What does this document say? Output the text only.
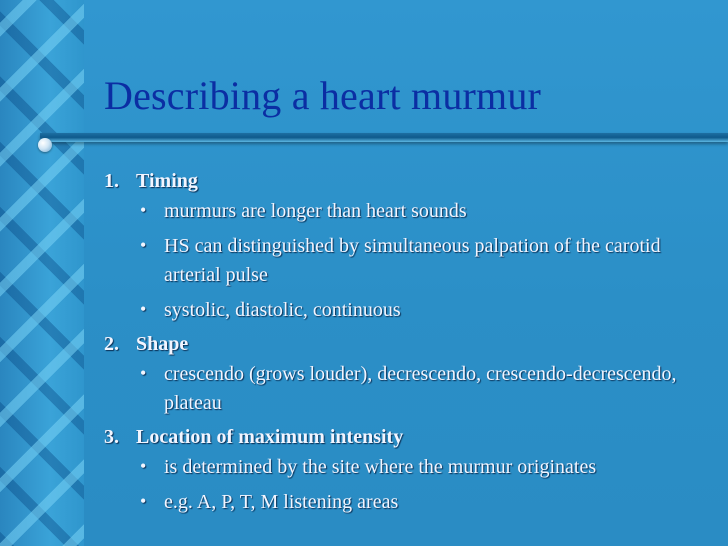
Describing a heart murmur
1. Timing
• murmurs are longer than heart sounds
• HS can distinguished by simultaneous palpation of the carotid arterial pulse
• systolic, diastolic, continuous
2. Shape
• crescendo (grows louder), decrescendo, crescendo-decrescendo, plateau
3. Location of maximum intensity
• is determined by the site where the murmur originates
• e.g. A, P, T, M listening areas
